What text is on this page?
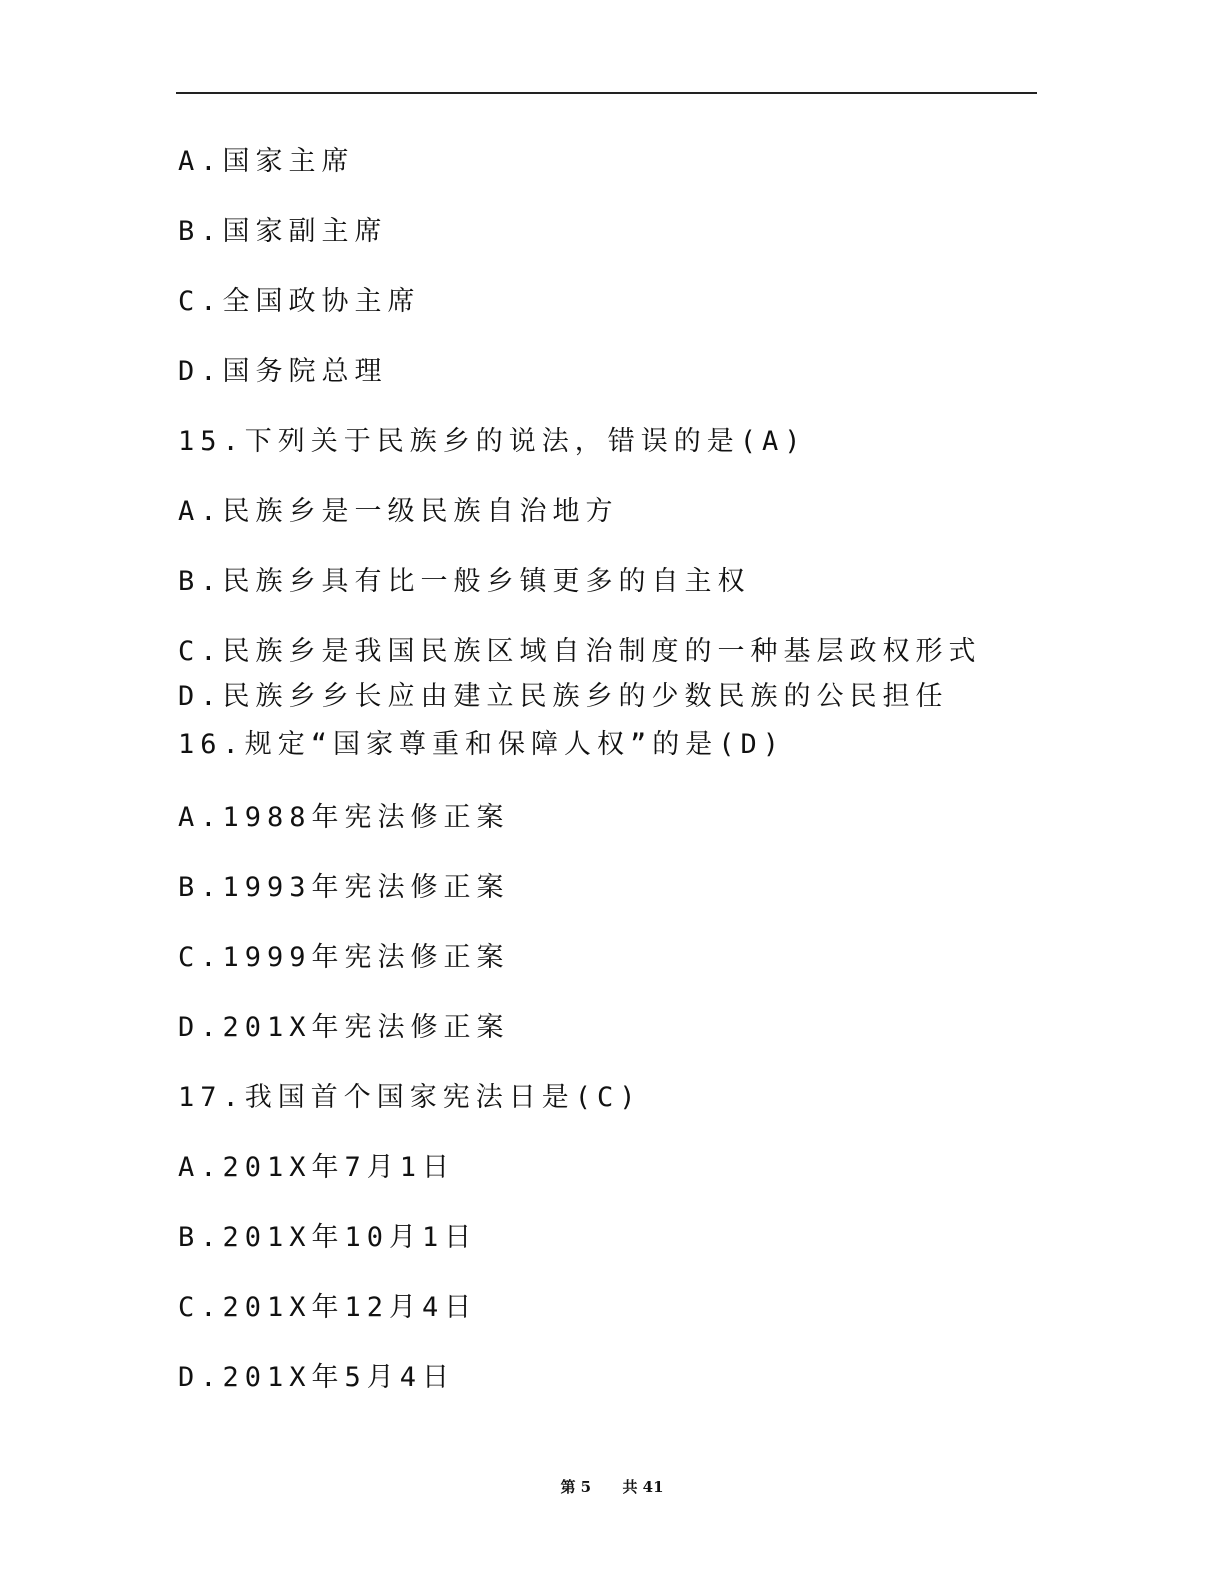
A.国家主席
B.国家副主席
C.全国政协主席
D.国务院总理
15.下列关于民族乡的说法，错误的是(A)
A.民族乡是一级民族自治地方
B.民族乡具有比一般乡镇更多的自主权
C.民族乡是我国民族区域自治制度的一种基层政权形式
D.民族乡乡长应由建立民族乡的少数民族的公民担任
16.规定“国家尊重和保障人权”的是(D)
A.1988年宪法修正案
B.1993年宪法修正案
C.1999年宪法修正案
D.201X年宪法修正案
17.我国首个国家宪法日是(C)
A.201X年7月1日
B.201X年10月1日
C.201X年12月4日
D.201X年5月4日
第 5 共 41
